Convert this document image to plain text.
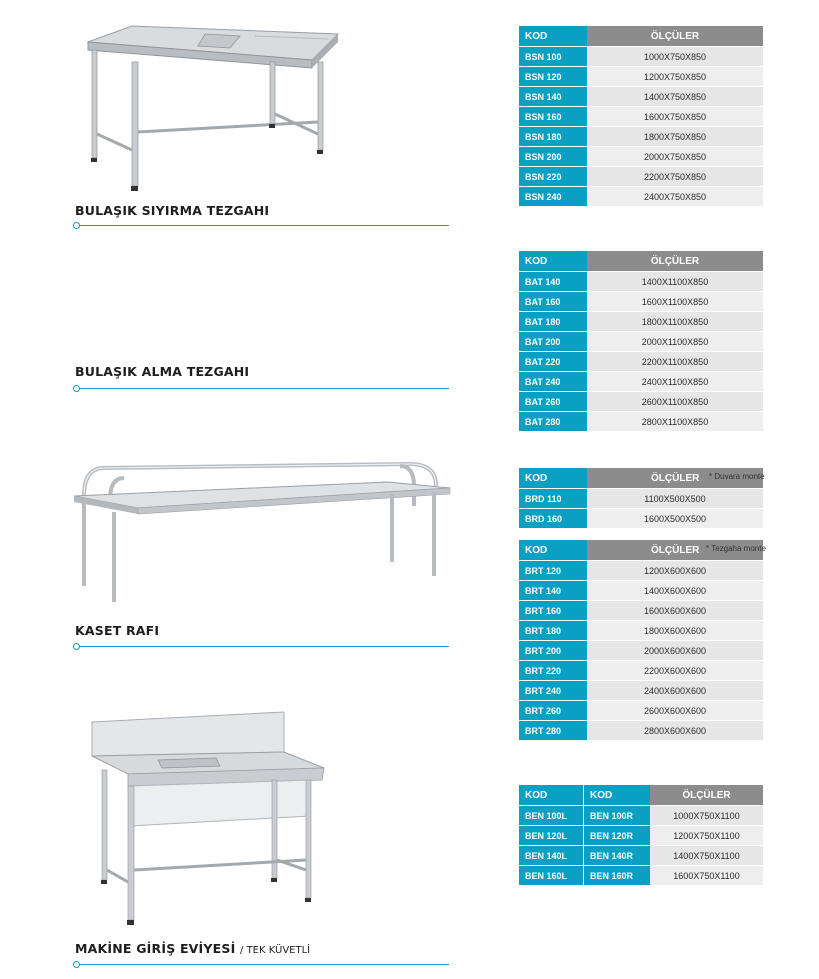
BULAŞIK SIYIRMA TEZGAHI
KOD	ÖLÇÜLER
BSN 100	1000X750X850
BSN 120	1200X750X850
BSN 140	1400X750X850
BSN 160	1600X750X850
BSN 180	1800X750X850
BSN 200	2000X750X850
BSN 220	2200X750X850
BSN 240	2400X750X850
BULAŞIK ALMA TEZGAHI
KOD	ÖLÇÜLER
BAT 140	1400X1100X850
BAT 160	1600X1100X850
BAT 180	1800X1100X850
BAT 200	2000X1100X850
BAT 220	2200X1100X850
BAT 240	2400X1100X850
BAT 260	2600X1100X850
BAT 280	2800X1100X850
KASET RAFI
KOD	ÖLÇÜLER
BRD 110	1100X500X500
BRD 160	1600X500X500
* Duvara monte
KOD	ÖLÇÜLER
BRT 120	1200X600X600
BRT 140	1400X600X600
BRT 160	1600X600X600
BRT 180	1800X600X600
BRT 200	2000X600X600
BRT 220	2200X600X600
BRT 240	2400X600X600
BRT 260	2600X600X600
BRT 280	2800X600X600
* Tezgaha monte
MAKİNE GİRİŞ EVİYESİ / TEK KÜVETLİ
KOD	KOD	ÖLÇÜLER
BEN 100L	BEN 100R	1000X750X1100
BEN 120L	BEN 120R	1200X750X1100
BEN 140L	BEN 140R	1400X750X1100
BEN 160L	BEN 160R	1600X750X1100
